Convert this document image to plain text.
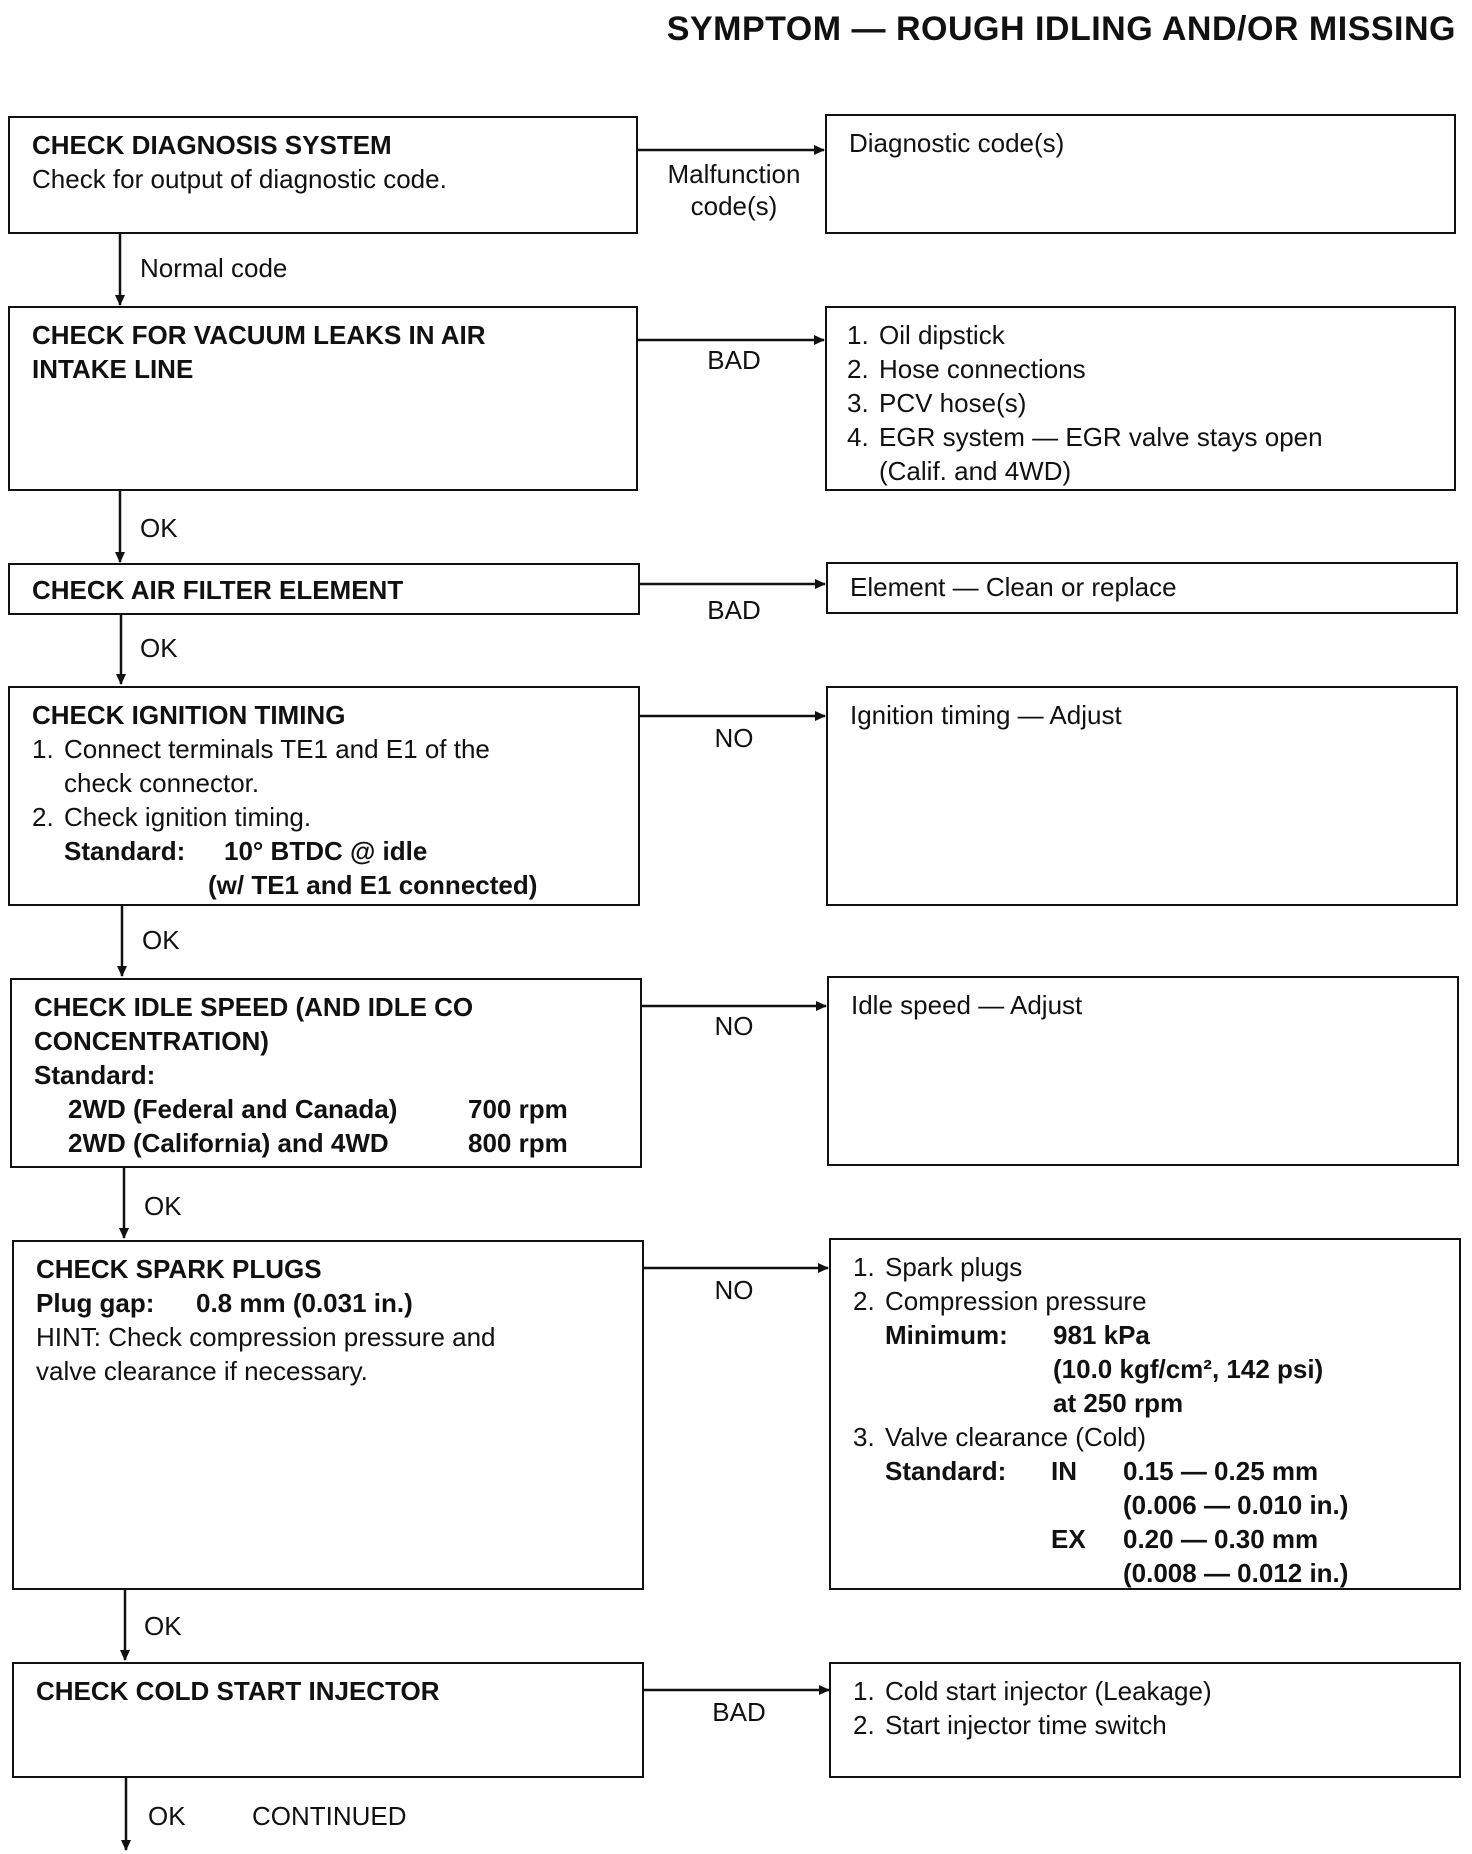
SYMPTOM — ROUGH IDLING AND/OR MISSING
CHECK DIAGNOSIS SYSTEM
Check for output of diagnostic code.	Malfunction
code(s)
Diagnostic code(s)
Normal code
CHECK FOR VACUUM LEAKS IN AIR
INTAKE LINE	BAD
1. Oil dipstick
2. Hose connections
3. PCV hose(s)
4. EGR system — EGR valve stays open
(Calif. and 4WD)
OK
CHECK AIR FILTER ELEMENT
BAD
Element — Clean or replace
OK
CHECK IGNITION TIMING
1. Connect terminals TE1 and E1 of the
check connector.
2. Check ignition timing.
Standard: 10° BTDC @ idle
(w/ TE1 and E1 connected)
NO
Ignition timing — Adjust
OK
CHECK IDLE SPEED (AND IDLE CO
CONCENTRATION)
Standard:
2WD (Federal and Canada)	700 rpm
2WD (California) and 4WD	800 rpm
NO
Idle speed — Adjust
OK
CHECK SPARK PLUGS
Plug gap: 0.8 mm (0.031 in.)
HINT: Check compression pressure and
valve clearance if necessary.
NO
1. Spark plugs
2. Compression pressure
Minimum: 981 kPa
(10.0 kgf/cm², 142 psi)
at 250 rpm
3. Valve clearance (Cold)
Standard: IN 0.15 — 0.25 mm
(0.006 — 0.010 in.)
EX 0.20 — 0.30 mm
(0.008 — 0.012 in.)
OK
CHECK COLD START INJECTOR
BAD
1. Cold start injector (Leakage)
2. Start injector time switch
OK	CONTINUED
